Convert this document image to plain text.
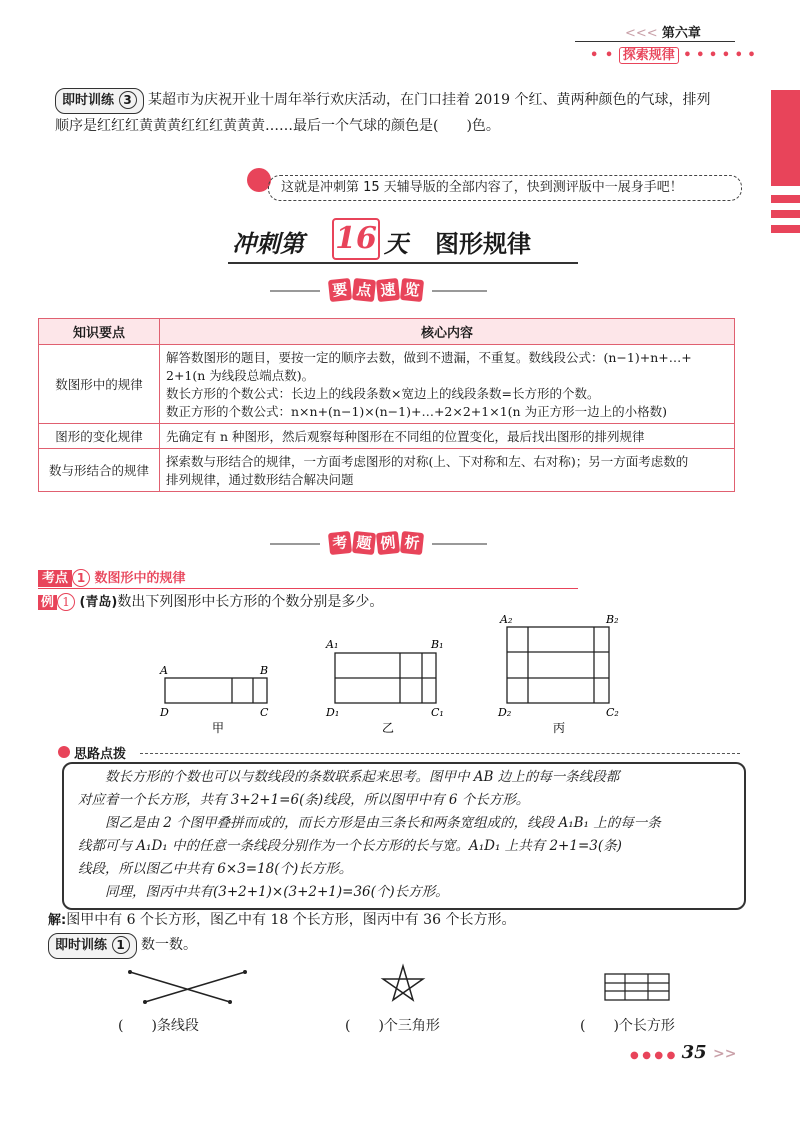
<<< 第六章
• • 探索规律 • • • • • •
即时训练 3 某超市为庆祝开业十周年举行欢庆活动，在门口挂着 2019 个红、黄两种颜色的气球，排列
顺序是红红红黄黄黄红红红黄黄黄……最后一个气球的颜色是(　　)色。
这就是冲刺第 15 天辅导版的全部内容了，快到测评版中一展身手吧！
冲刺第 16 天 图形规律
要 点 速 览
知识要点	核心内容
数图形中的规律	解答数图形的题目，要按一定的顺序去数，做到不遗漏，不重复。数线段公式：(n−1)+n+…+
2+1(n 为线段总端点数)。
数长方形的个数公式：长边上的线段条数×宽边上的线段条数=长方形的个数。
数正方形的个数公式：n×n+(n−1)×(n−1)+…+2×2+1×1(n 为正方形一边上的小格数)

图形的变化规律	先确定有 n 种图形，然后观察每种图形在不同组的位置变化，最后找出图形的排列规律
数与形结合的规律	探索数与形结合的规律，一方面考虑图形的对称(上、下对称和左、右对称)；另一方面考虑数的
排列规律，通过数形结合解决问题
考 题 例 析
考点 1 数图形中的规律
例 1 (青岛)数出下列图形中长方形的个数分别是多少。
A	B
D	C
甲
A₁	B₁
D₁	C₁
乙
A₂	B₂
D₂	C₂
丙
思路点拨
数长方形的个数也可以与数线段的条数联系起来思考。图甲中 AB 边上的每一条线段都
对应着一个长方形，共有 3+2+1=6(条)线段，所以图甲中有 6 个长方形。
图乙是由 2 个图甲叠拼而成的，而长方形是由三条长和两条宽组成的，线段 A₁B₁ 上的每一条
线都可与 A₁D₁ 中的任意一条线段分别作为一个长方形的长与宽。A₁D₁ 上共有 2+1=3(条)
线段，所以图乙中共有 6×3=18(个)长方形。
同理，图丙中共有(3+2+1)×(3+2+1)=36(个)长方形。
解:图甲中有 6 个长方形，图乙中有 18 个长方形，图丙中有 36 个长方形。
即时训练 1 数一数。
(　　)条线段	(　　)个三角形	(　　)个长方形
● ● ● ● 35 >>
